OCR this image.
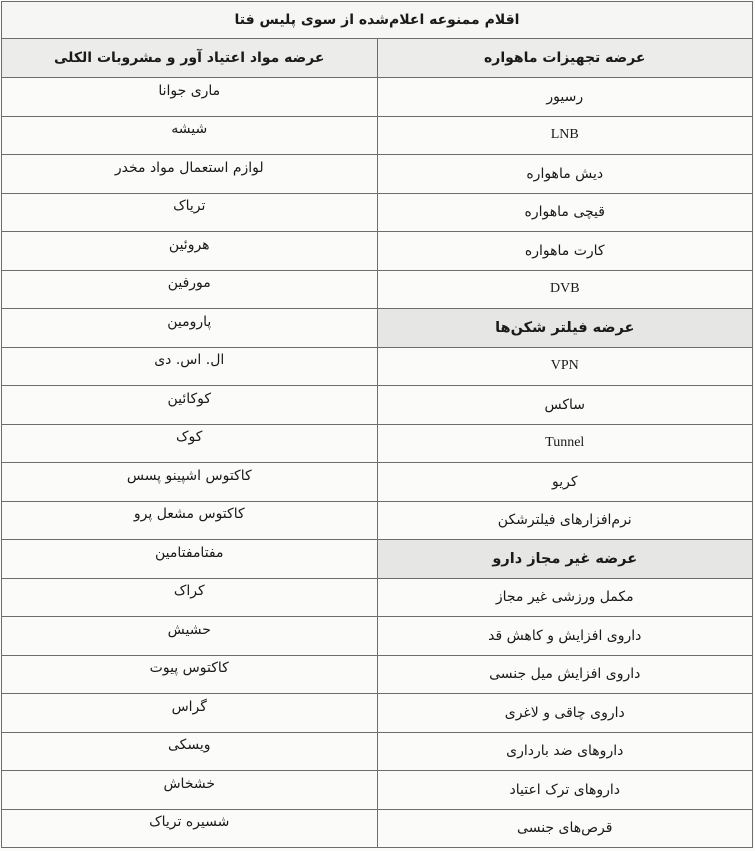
اقلام ممنوعه اعلام‌شده از سوی پلیس فتا	
عرضه تجهیزات ماهواره	عرضه مواد اعتیاد آور و مشروبات الکلی
رسیور	ماری جوانا
LNB	شیشه
دیش ماهواره	لوازم استعمال مواد مخدر
قیچی ماهواره	تریاک
کارت ماهواره	هروئین
DVB	مورفین
عرضه فیلتر شکن‌ها	پارومین
VPN	ال. اس. دی
ساکس	کوکائین
Tunnel	کوک
کریو	کاکتوس اشپینو پسس
نرم‌افزارهای فیلترشکن	کاکتوس مشعل پرو
عرضه غیر مجاز دارو	مفتامفتامین
مکمل ورزشی غیر مجاز	کراک
داروی افزایش و کاهش قد	حشیش
داروی افزایش میل جنسی	کاکتوس پیوت
داروی چاقی و لاغری	گراس
داروهای ضد بارداری	ویسکی
داروهای ترک اعتیاد	خشخاش
قرص‌های جنسی	شسیره تریاک
